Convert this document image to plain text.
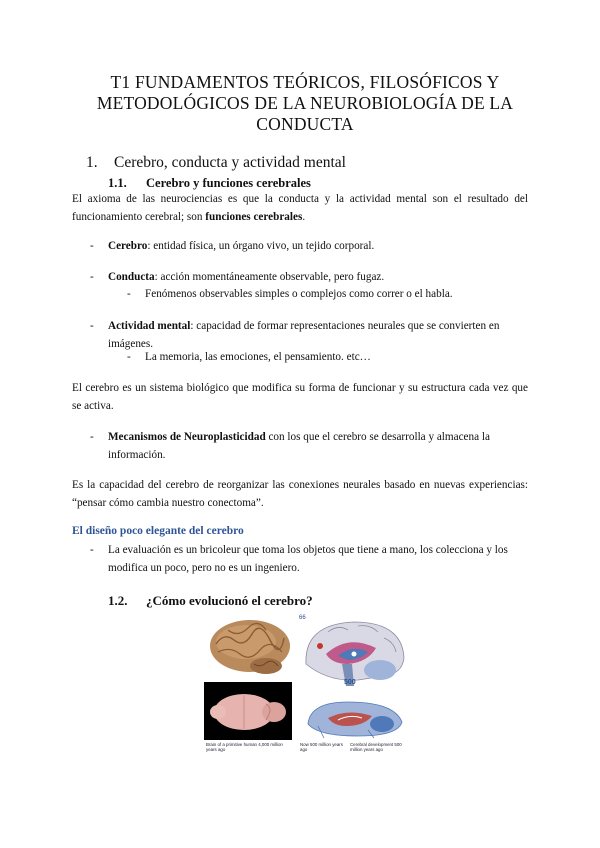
T1 FUNDAMENTOS TEÓRICOS, FILOSÓFICOS Y
METODOLÓGICOS DE LA NEUROBIOLOGÍA DE LA
CONDUCTA
1. Cerebro, conducta y actividad mental
1.1. Cerebro y funciones cerebrales

El axioma de las neurociencias es que la conducta y la actividad mental son el resultado del funcionamiento cerebral; son funciones cerebrales.

- Cerebro: entidad física, un órgano vivo, un tejido corporal.
- Conducta: acción momentáneamente observable, pero fugaz.
- Fenómenos observables simples o complejos como correr o el habla.
- Actividad mental: capacidad de formar representaciones neurales que se convierten en imágenes.
- La memoria, las emociones, el pensamiento. etc…

El cerebro es un sistema biológico que modifica su forma de funcionar y su estructura cada vez que se activa.

- Mecanismos de Neuroplasticidad con los que el cerebro se desarrolla y almacena la información.

Es la capacidad del cerebro de reorganizar las conexiones neurales basado en nuevas experiencias: “pensar cómo cambia nuestro conectoma”.

El diseño poco elegante del cerebro
- La evaluación es un bricoleur que toma los objetos que tiene a mano, los colecciona y los modifica un poco, pero no es un ingeniero.
1.2. ¿Cómo evolucionó el cerebro?
Brain of a primitive human 4,000 million years ago
66
500
Now 500 million years ago
Cerebral development 500 million years ago
